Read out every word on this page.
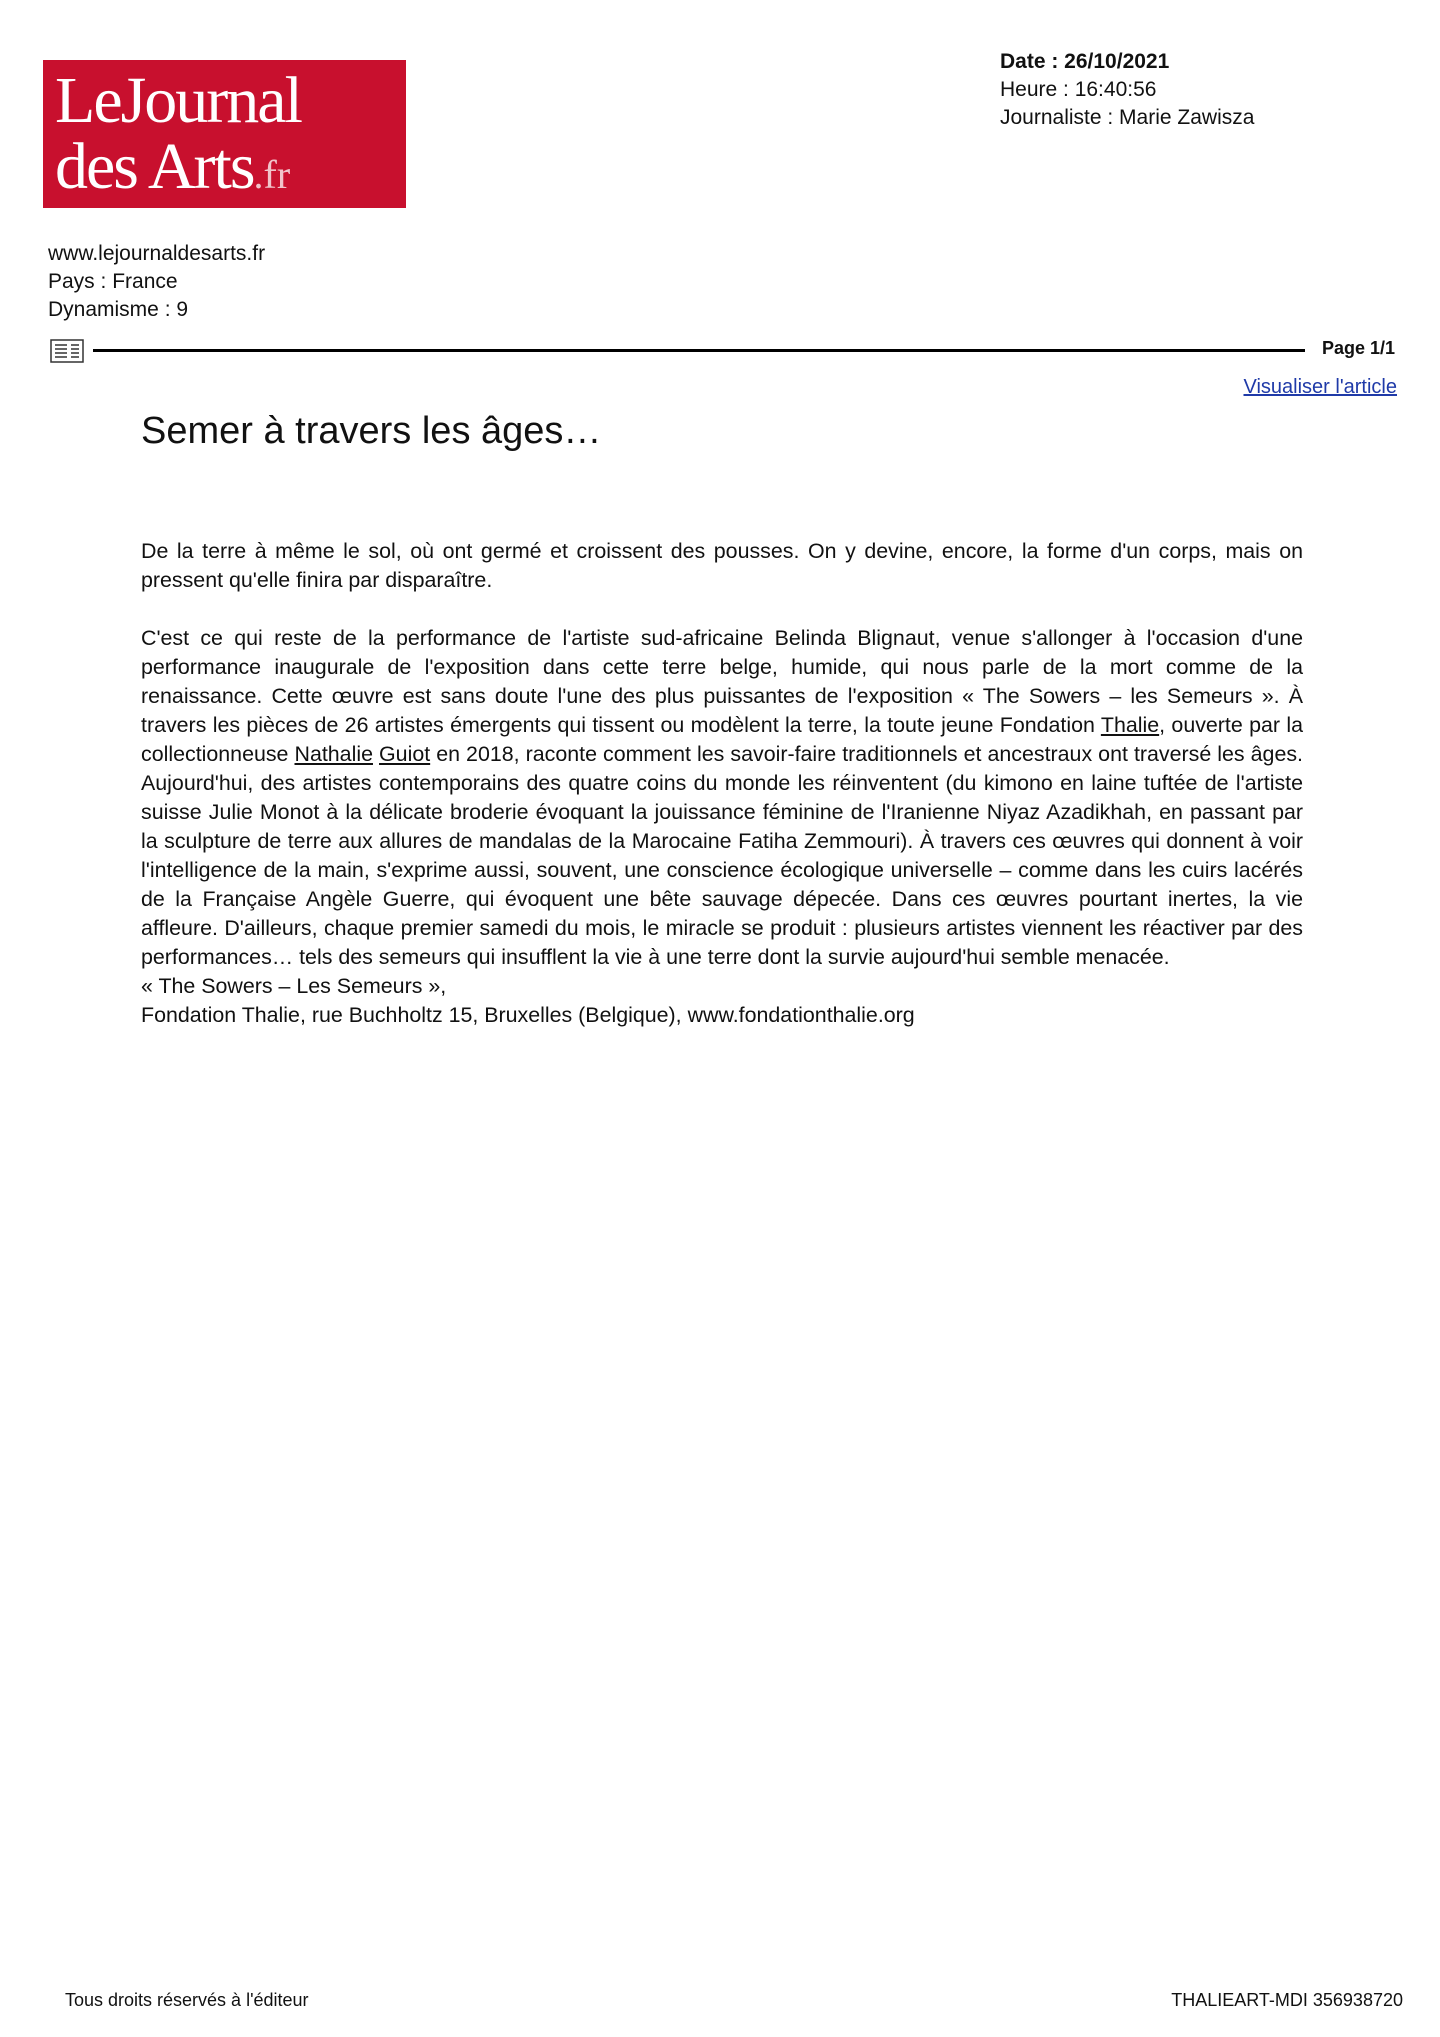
LeJournal
des Arts.fr
Date : 26/10/2021
Heure : 16:40:56
Journaliste : Marie Zawisza
www.lejournaldesarts.fr
Pays : France
Dynamisme : 9
Page 1/1
Visualiser l'article
Semer à travers les âges…

De la terre à même le sol, où ont germé et croissent des pousses. On y devine, encore, la forme d'un corps, mais on pressent qu'elle finira par disparaître.

C'est ce qui reste de la performance de l'artiste sud-africaine Belinda Blignaut, venue s'allonger à l'occasion d'une performance inaugurale de l'exposition dans cette terre belge, humide, qui nous parle de la mort comme de la renaissance. Cette œuvre est sans doute l'une des plus puissantes de l'exposition « The Sowers – les Semeurs ». À travers les pièces de 26 artistes émergents qui tissent ou modèlent la terre, la toute jeune Fondation Thalie, ouverte par la collectionneuse Nathalie Guiot en 2018, raconte comment les savoir-faire traditionnels et ancestraux ont traversé les âges. Aujourd'hui, des artistes contemporains des quatre coins du monde les réinventent (du kimono en laine tuftée de l'artiste suisse Julie Monot à la délicate broderie évoquant la jouissance féminine de l'Iranienne Niyaz Azadikhah, en passant par la sculpture de terre aux allures de mandalas de la Marocaine Fatiha Zemmouri). À travers ces œuvres qui donnent à voir l'intelligence de la main, s'exprime aussi, souvent, une conscience écologique universelle – comme dans les cuirs lacérés de la Française Angèle Guerre, qui évoquent une bête sauvage dépecée. Dans ces œuvres pourtant inertes, la vie affleure. D'ailleurs, chaque premier samedi du mois, le miracle se produit : plusieurs artistes viennent les réactiver par des performances… tels des semeurs qui insufflent la vie à une terre dont la survie aujourd'hui semble menacée.

« The Sowers – Les Semeurs »,

Fondation Thalie, rue Buchholtz 15, Bruxelles (Belgique), www.fondationthalie.org

Tous droits réservés à l'éditeur	THALIEART-MDI 356938720
